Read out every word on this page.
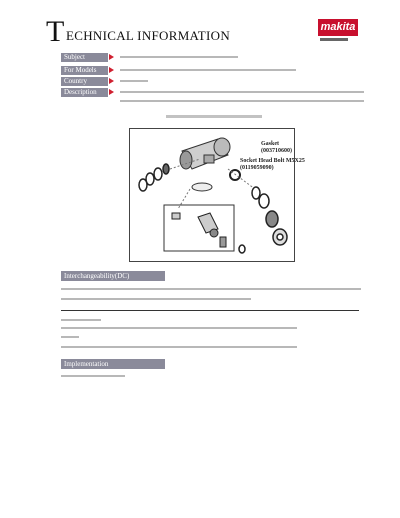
T ECHNICAL INFORMATION
makita
Subject
For Models
Country
Description
Gasket
(003710600)
Socket Head Bolt M5X25
(0119059090)
Interchangeability(DC)
Implementation
